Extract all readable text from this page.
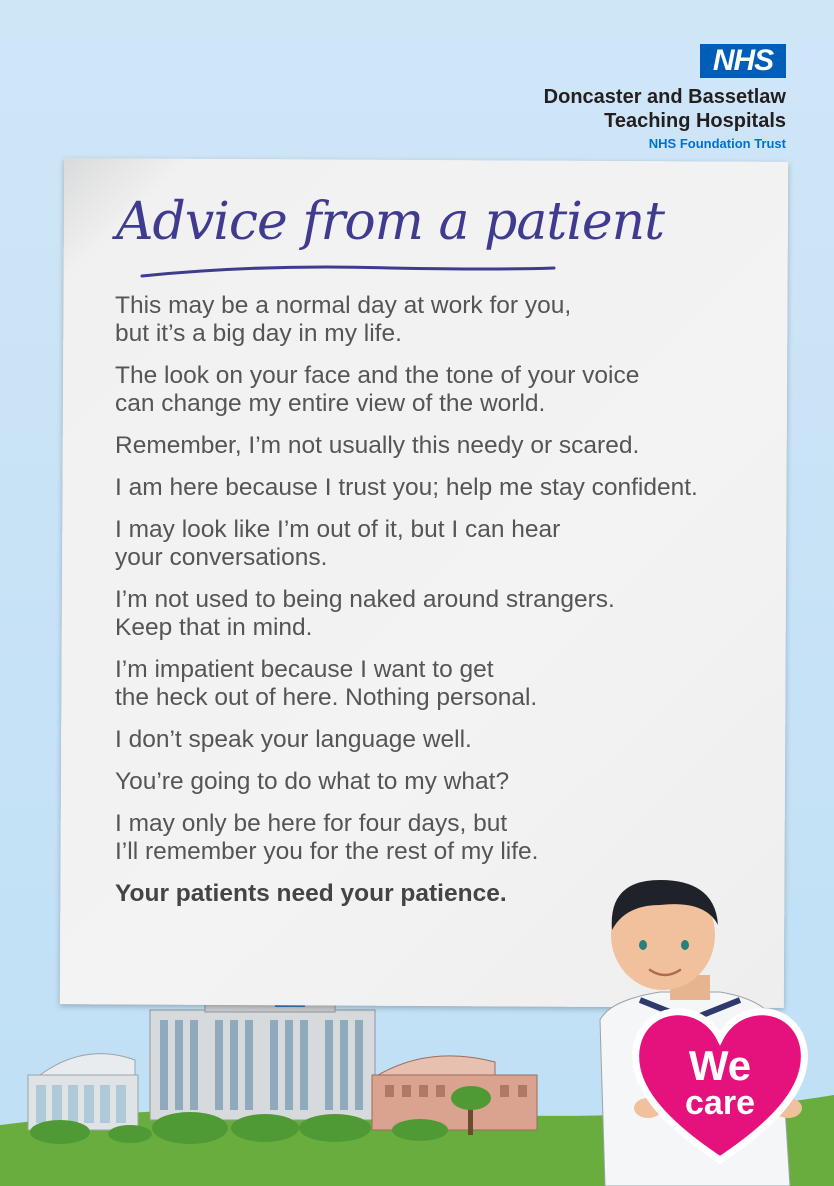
NHS
Doncaster and Bassetlaw
Teaching Hospitals
NHS Foundation Trust
Advice from a patient

This may be a normal day at work for you,
but it’s a big day in my life.

The look on your face and the tone of your voice
can change my entire view of the world.

Remember, I’m not usually this needy or scared.

I am here because I trust you; help me stay confident.

I may look like I’m out of it, but I can hear
your conversations.

I’m not used to being naked around strangers.
Keep that in mind.

I’m impatient because I want to get
the heck out of here. Nothing personal.

I don’t speak your language well.

You’re going to do what to my what?

I may only be here for four days, but
I’ll remember you for the rest of my life.

Your patients need your patience.

We
care
